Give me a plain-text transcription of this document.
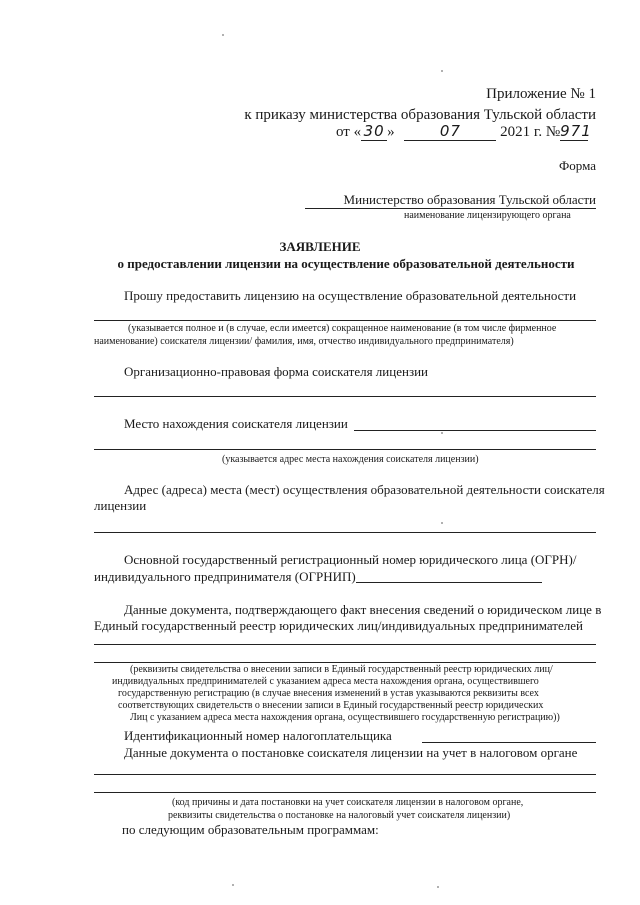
Приложение № 1
к приказу министерства образования Тульской области
от « 30 »	07	2021 г. №971
Форма
Министерство образования Тульской области
наименование лицензирующего органа
ЗАЯВЛЕНИЕ
о предоставлении лицензии на осуществление образовательной деятельности
Прошу предоставить лицензию на осуществление образовательной деятельности
(указывается полное и (в случае, если имеется) сокращенное наименование (в том числе фирменное
наименование) соискателя лицензии/ фамилия, имя, отчество индивидуального предпринимателя)
Организационно-правовая форма соискателя лицензии
Место нахождения соискателя лицензии
(указывается адрес места нахождения соискателя лицензии)
Адрес (адреса) места (мест) осуществления образовательной деятельности соискателя
лицензии
Основной государственный регистрационный номер юридического лица (ОГРН)/
индивидуального предпринимателя (ОГРНИП)
Данные документа, подтверждающего факт внесения сведений о юридическом лице в
Единый государственный реестр юридических лиц/индивидуальных предпринимателей
(реквизиты свидетельства о внесении записи в Единый государственный реестр юридических лиц/
индивидуальных предпринимателей с указанием адреса места нахождения органа, осуществившего
государственную регистрацию (в случае внесения изменений в устав указываются реквизиты всех
соответствующих свидетельств о внесении записи в Единый государственный реестр юридических
Лиц с указанием адреса места нахождения органа, осуществившего государственную регистрацию))
Идентификационный номер налогоплательщика
Данные документа о постановке соискателя лицензии на учет в налоговом органе
(код причины и дата постановки на учет соискателя лицензии в налоговом органе,
реквизиты свидетельства о постановке на налоговый учет соискателя лицензии)
по следующим образовательным программам:
